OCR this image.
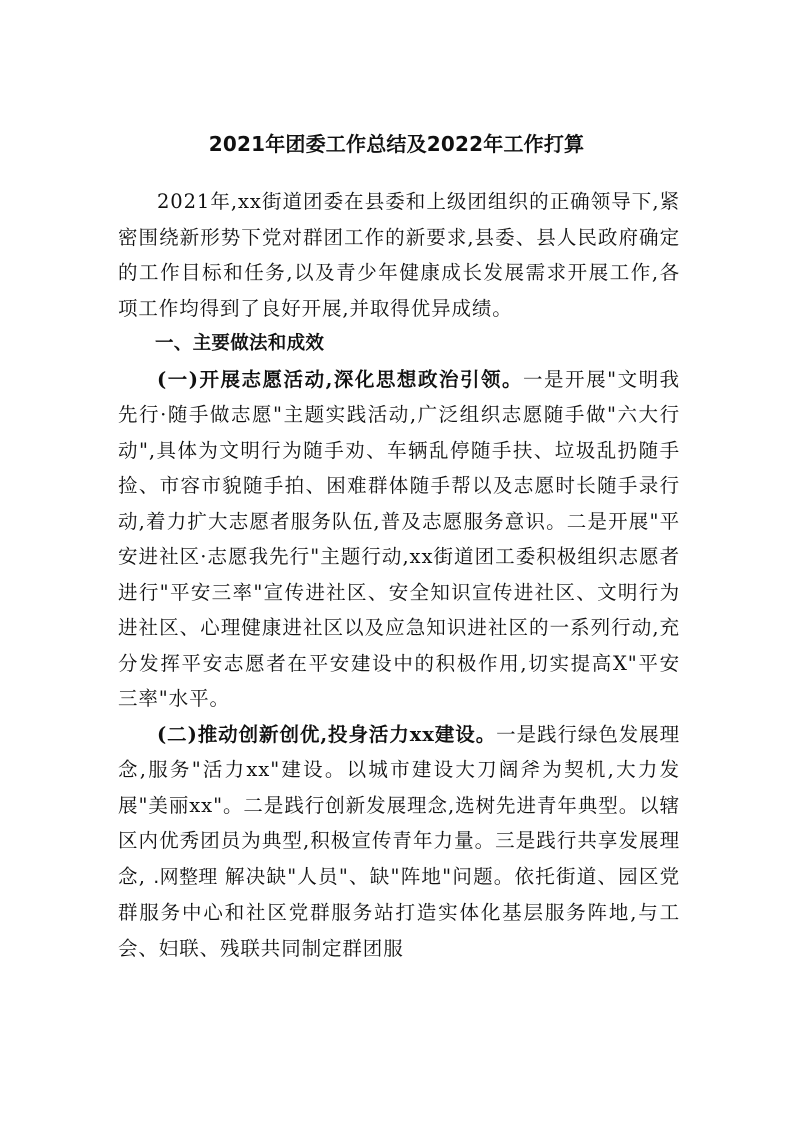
2021年团委工作总结及2022年工作打算

2021年,xx街道团委在县委和上级团组织的正确领导下,紧密围绕新形势下党对群团工作的新要求,县委、县人民政府确定的工作目标和任务,以及青少年健康成长发展需求开展工作,各项工作均得到了良好开展,并取得优异成绩。

一、主要做法和成效

(一)开展志愿活动,深化思想政治引领。一是开展"文明我先行·随手做志愿"主题实践活动,广泛组织志愿随手做"六大行动",具体为文明行为随手劝、车辆乱停随手扶、垃圾乱扔随手捡、市容市貌随手拍、困难群体随手帮以及志愿时长随手录行动,着力扩大志愿者服务队伍,普及志愿服务意识。二是开展"平安进社区·志愿我先行"主题行动,xx街道团工委积极组织志愿者进行"平安三率"宣传进社区、安全知识宣传进社区、文明行为进社区、心理健康进社区以及应急知识进社区的一系列行动,充分发挥平安志愿者在平安建设中的积极作用,切实提高X"平安三率"水平。

(二)推动创新创优,投身活力xx建设。一是践行绿色发展理念,服务"活力xx"建设。以城市建设大刀阔斧为契机,大力发展"美丽xx"。二是践行创新发展理念,选树先进青年典型。以辖区内优秀团员为典型,积极宣传青年力量。三是践行共享发展理念, .网整理 解决缺"人员"、缺"阵地"问题。依托街道、园区党群服务中心和社区党群服务站打造实体化基层服务阵地,与工会、妇联、残联共同制定群团服
